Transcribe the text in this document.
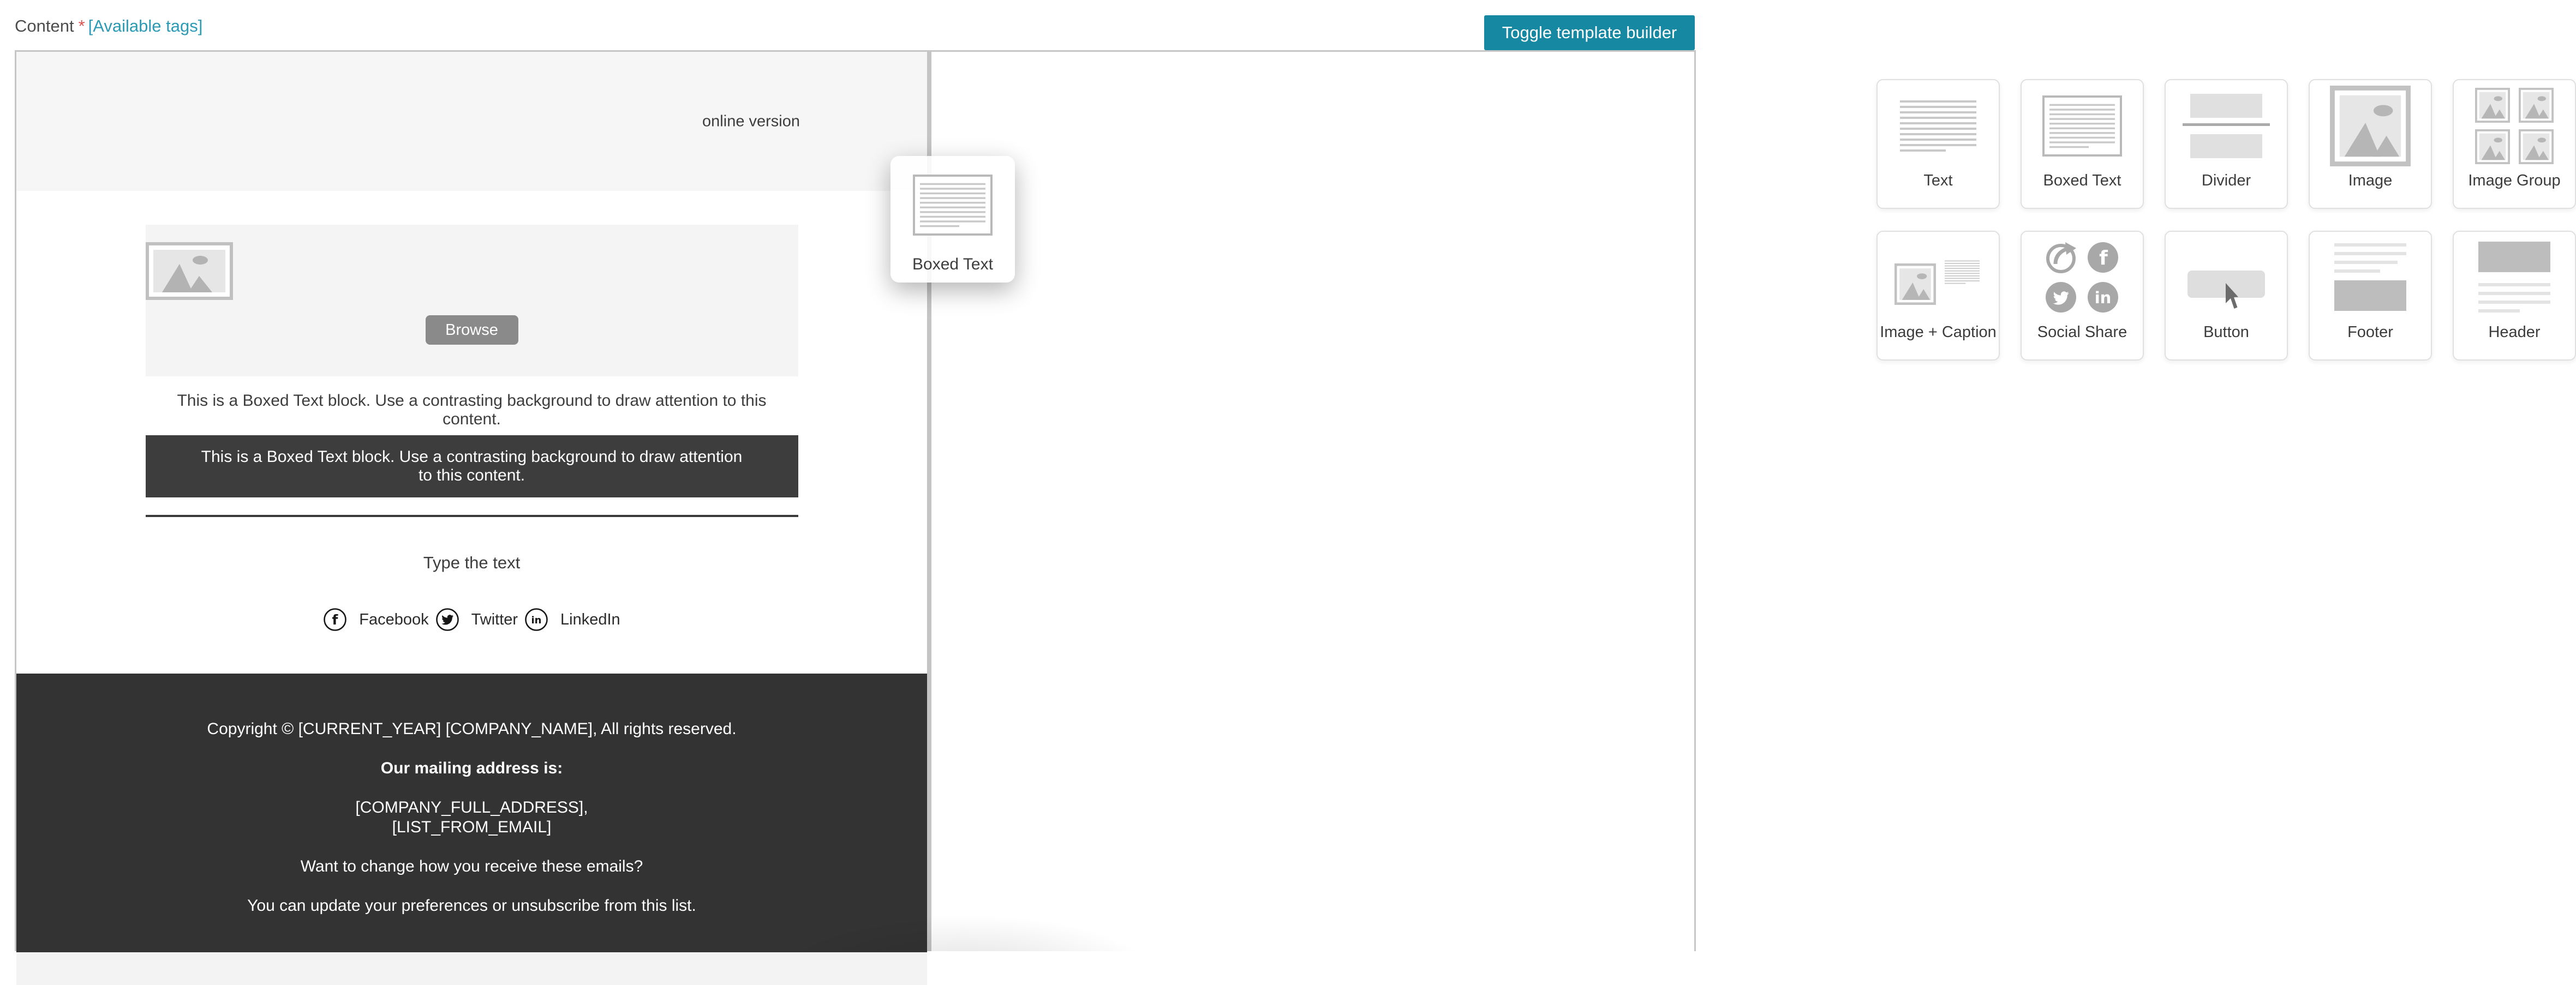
Content * [Available tags]	Toggle template builder
online version
Browse
This is a Boxed Text block. Use a contrasting background to draw attention to this content.
This is a Boxed Text block. Use a contrasting background to draw attention to this content.
Type the text
f Facebook	Twitter in LinkedIn

Copyright © [CURRENT_YEAR] [COMPANY_NAME], All rights reserved.

Our mailing address is:

[COMPANY_FULL_ADDRESS],
[LIST_FROM_EMAIL]

Want to change how you receive these emails?

You can update your preferences or unsubscribe from this list.

Text	Boxed Text	Divider	Image	Image Group
Image + Caption
f
in
Social Share	Button	Footer	Header
Boxed Text
